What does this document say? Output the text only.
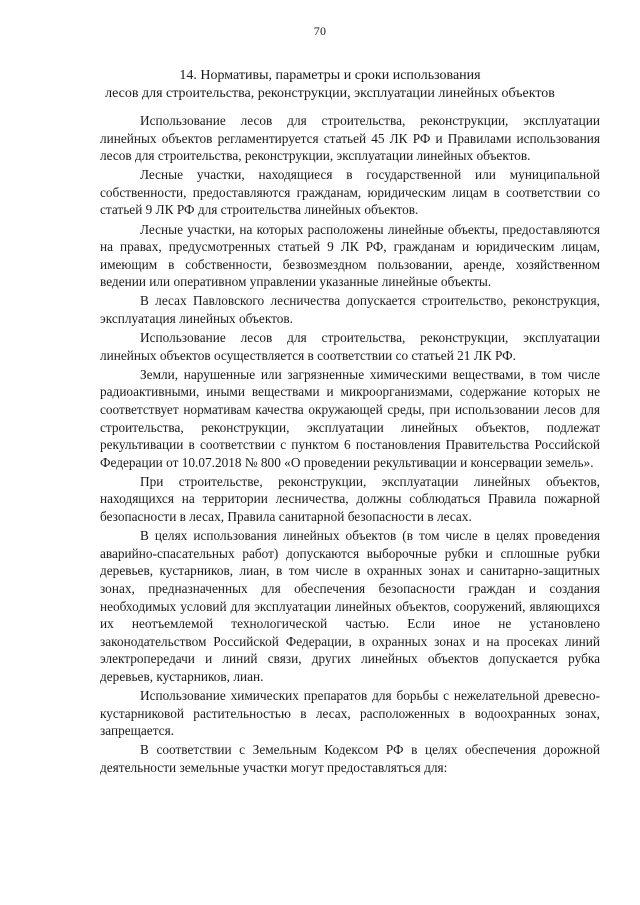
70
14. Нормативы, параметры и сроки использования
лесов для строительства, реконструкции, эксплуатации линейных объектов

Использование лесов для строительства, реконструкции, эксплуатации линейных объектов регламентируется статьей 45 ЛК РФ и Правилами использования лесов для строительства, реконструкции, эксплуатации линейных объектов.

Лесные участки, находящиеся в государственной или муниципальной собственности, предоставляются гражданам, юридическим лицам в соответствии со статьей 9 ЛК РФ для строительства линейных объектов.

Лесные участки, на которых расположены линейные объекты, предоставляются на правах, предусмотренных статьей 9 ЛК РФ, гражданам и юридическим лицам, имеющим в собственности, безвозмездном пользовании, аренде, хозяйственном ведении или оперативном управлении указанные линейные объекты.

В лесах Павловского лесничества допускается строительство, реконструкция, эксплуатация линейных объектов.

Использование лесов для строительства, реконструкции, эксплуатации линейных объектов осуществляется в соответствии со статьей 21 ЛК РФ.

Земли, нарушенные или загрязненные химическими веществами, в том числе радиоактивными, иными веществами и микроорганизмами, содержание которых не соответствует нормативам качества окружающей среды, при использовании лесов для строительства, реконструкции, эксплуатации линейных объектов, подлежат рекультивации в соответствии с пунктом 6 постановления Правительства Российской Федерации от 10.07.2018 № 800 «О проведении рекультивации и консервации земель».

При строительстве, реконструкции, эксплуатации линейных объектов, находящихся на территории лесничества, должны соблюдаться Правила пожарной безопасности в лесах, Правила санитарной безопасности в лесах.

В целях использования линейных объектов (в том числе в целях проведения аварийно-спасательных работ) допускаются выборочные рубки и сплошные рубки деревьев, кустарников, лиан, в том числе в охранных зонах и санитарно-защитных зонах, предназначенных для обеспечения безопасности граждан и создания необходимых условий для эксплуатации линейных объектов, сооружений, являющихся их неотъемлемой технологической частью. Если иное не установлено законодательством Российской Федерации, в охранных зонах и на просеках линий электропередачи и линий связи, других линейных объектов допускается рубка деревьев, кустарников, лиан.

Использование химических препаратов для борьбы с нежелательной древесно-кустарниковой растительностью в лесах, расположенных в водоохранных зонах, запрещается.

В соответствии с Земельным Кодексом РФ в целях обеспечения дорожной деятельности земельные участки могут предоставляться для:
